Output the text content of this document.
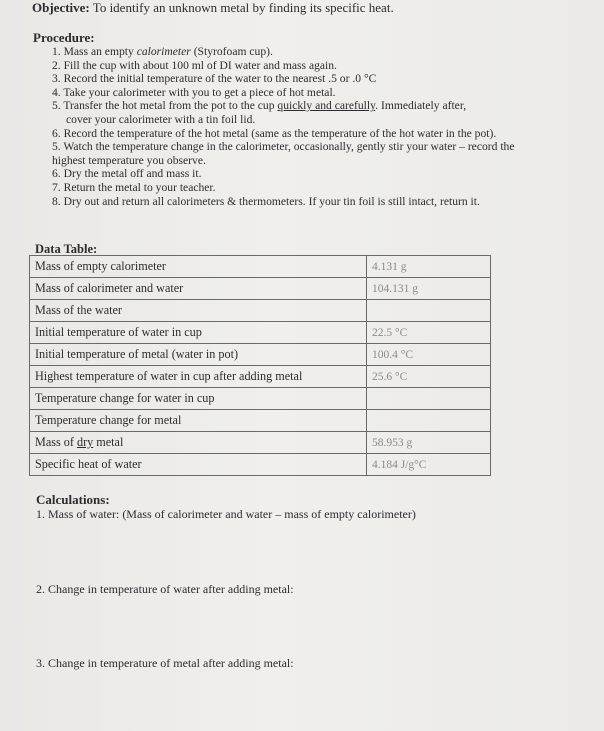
Objective: To identify an unknown metal by finding its specific heat.
Procedure:
1. Mass an empty calorimeter (Styrofoam cup).
2. Fill the cup with about 100 ml of DI water and mass again.
3. Record the initial temperature of the water to the nearest .5 or .0 °C
4. Take your calorimeter with you to get a piece of hot metal.
5. Transfer the hot metal from the pot to the cup quickly and carefully. Immediately after,
cover your calorimeter with a tin foil lid.
6. Record the temperature of the hot metal (same as the temperature of the hot water in the pot).
5. Watch the temperature change in the calorimeter, occasionally, gently stir your water – record the
highest temperature you observe.
6. Dry the metal off and mass it.
7. Return the metal to your teacher.
8. Dry out and return all calorimeters & thermometers. If your tin foil is still intact, return it.
Data Table:
Mass of empty calorimeter	4.131 g
Mass of calorimeter and water	104.131 g
Mass of the water	
Initial temperature of water in cup	22.5 °C
Initial temperature of metal (water in pot)	100.4 °C
Highest temperature of water in cup after adding metal	25.6 °C
Temperature change for water in cup	
Temperature change for metal	
Mass of dry metal	58.953 g
Specific heat of water	4.184 J/g°C
Calculations:
1. Mass of water: (Mass of calorimeter and water – mass of empty calorimeter)
2. Change in temperature of water after adding metal:
3. Change in temperature of metal after adding metal:
